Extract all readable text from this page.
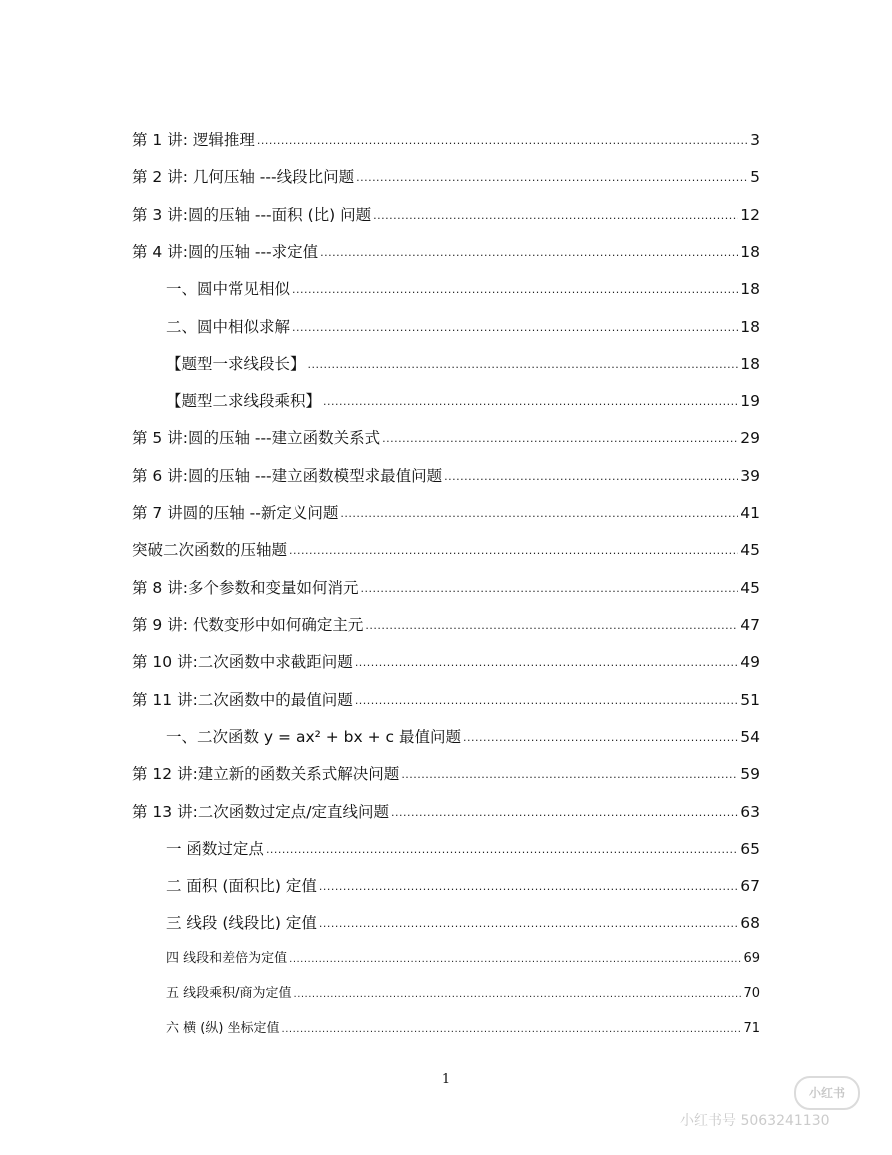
第 1 讲: 逻辑推理 .....	3
第 2 讲: 几何压轴 ---线段比问题 .....	5
第 3 讲:圆的压轴 ---面积 (比) 问题 .....	12
第 4 讲:圆的压轴 ---求定值 .....	18
一、圆中常见相似 .....	18
二、圆中相似求解 .....	18
【题型一求线段长】 .....	18
【题型二求线段乘积】 .....	19
第 5 讲:圆的压轴 ---建立函数关系式 .....	29
第 6 讲:圆的压轴 ---建立函数模型求最值问题 .....	39
第 7 讲圆的压轴 --新定义问题 .....	41
突破二次函数的压轴题 .....	45
第 8 讲:多个参数和变量如何消元 .....	45
第 9 讲: 代数变形中如何确定主元 .....	47
第 10 讲:二次函数中求截距问题 .....	49
第 11 讲:二次函数中的最值问题 .....	51
一、二次函数 y = ax² + bx + c 最值问题 .....	54
第 12 讲:建立新的函数关系式解决问题 .....	59
第 13 讲:二次函数过定点/定直线问题 .....	63
一 函数过定点 .....	65
二 面积 (面积比) 定值 .....	67
三 线段 (线段比) 定值 .....	68
四 线段和差倍为定值 .....	69
五 线段乘积/商为定值 .....	70
六 横 (纵) 坐标定值 .....	71
1
小红书
小红书号 5063241130
